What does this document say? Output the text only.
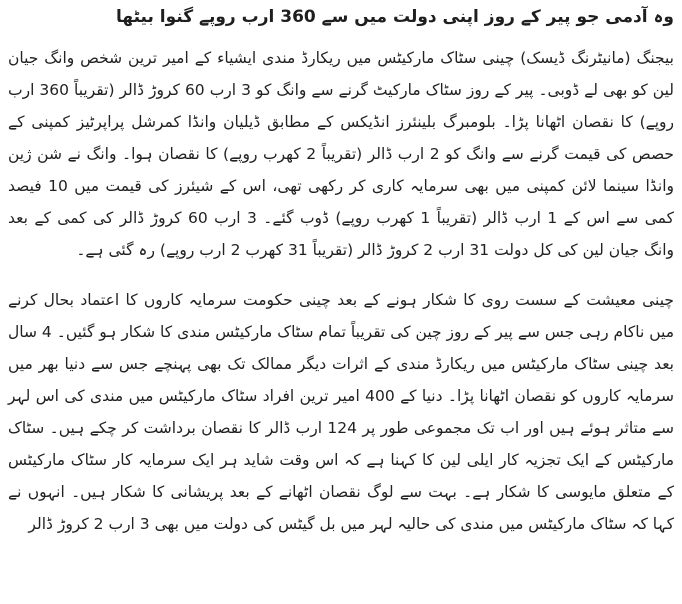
وہ آدمی جو پیر کے روز اپنی دولت میں سے 360 ارب روپے گنوا بیٹھا
بیجنگ (مانیٹرنگ ڈیسک) چینی سٹاک مارکیٹس میں ریکارڈ مندی ایشیاء کے امیر ترین شخص وانگ جیان لین کو بھی لے ڈوبی۔ پیر کے روز سٹاک مارکیٹ گرنے سے وانگ کو 3 ارب 60 کروڑ ڈالر (تقریباً 360 ارب روپے) کا نقصان اٹھانا پڑا۔ بلومبرگ بلینئرز انڈیکس کے مطابق ڈیلیان وانڈا کمرشل پراپرٹیز کمپنی کے حصص کی قیمت گرنے سے وانگ کو 2 ارب ڈالر (تقریباً 2 کھرب روپے) کا نقصان ہوا۔ وانگ نے شن ژین وانڈا سینما لائن کمپنی میں بھی سرمایہ کاری کر رکھی تھی، اس کے شیئرز کی قیمت میں 10 فیصد کمی سے اس کے 1 ارب ڈالر (تقریباً 1 کھرب روپے) ڈوب گئے۔ 3 ارب 60 کروڑ ڈالر کی کمی کے بعد وانگ جیان لین کی کل دولت 31 ارب 2 کروڑ ڈالر (تقریباً 31 کھرب 2 ارب روپے) رہ گئی ہے۔
چینی معیشت کے سست روی کا شکار ہونے کے بعد چینی حکومت سرمایہ کاروں کا اعتماد بحال کرنے میں ناکام رہی جس سے پیر کے روز چین کی تقریباً تمام سٹاک مارکیٹس مندی کا شکار ہو گئیں۔ 4 سال بعد چینی سٹاک مارکیٹس میں ریکارڈ مندی کے اثرات دیگر ممالک تک بھی پہنچے جس سے دنیا بھر میں سرمایہ کاروں کو نقصان اٹھانا پڑا۔ دنیا کے 400 امیر ترین افراد سٹاک مارکیٹس میں مندی کی اس لہر سے متاثر ہوئے ہیں اور اب تک مجموعی طور پر 124 ارب ڈالر کا نقصان برداشت کر چکے ہیں۔ سٹاک مارکیٹس کے ایک تجزیہ کار ایلی لین کا کہنا ہے کہ اس وقت شاید ہر ایک سرمایہ کار سٹاک مارکیٹس کے متعلق مایوسی کا شکار ہے۔ بہت سے لوگ نقصان اٹھانے کے بعد پریشانی کا شکار ہیں۔ انہوں نے کہا کہ سٹاک مارکیٹس میں مندی کی حالیہ لہر میں بل گیٹس کی دولت میں بھی 3 ارب 2 کروڑ ڈالر
